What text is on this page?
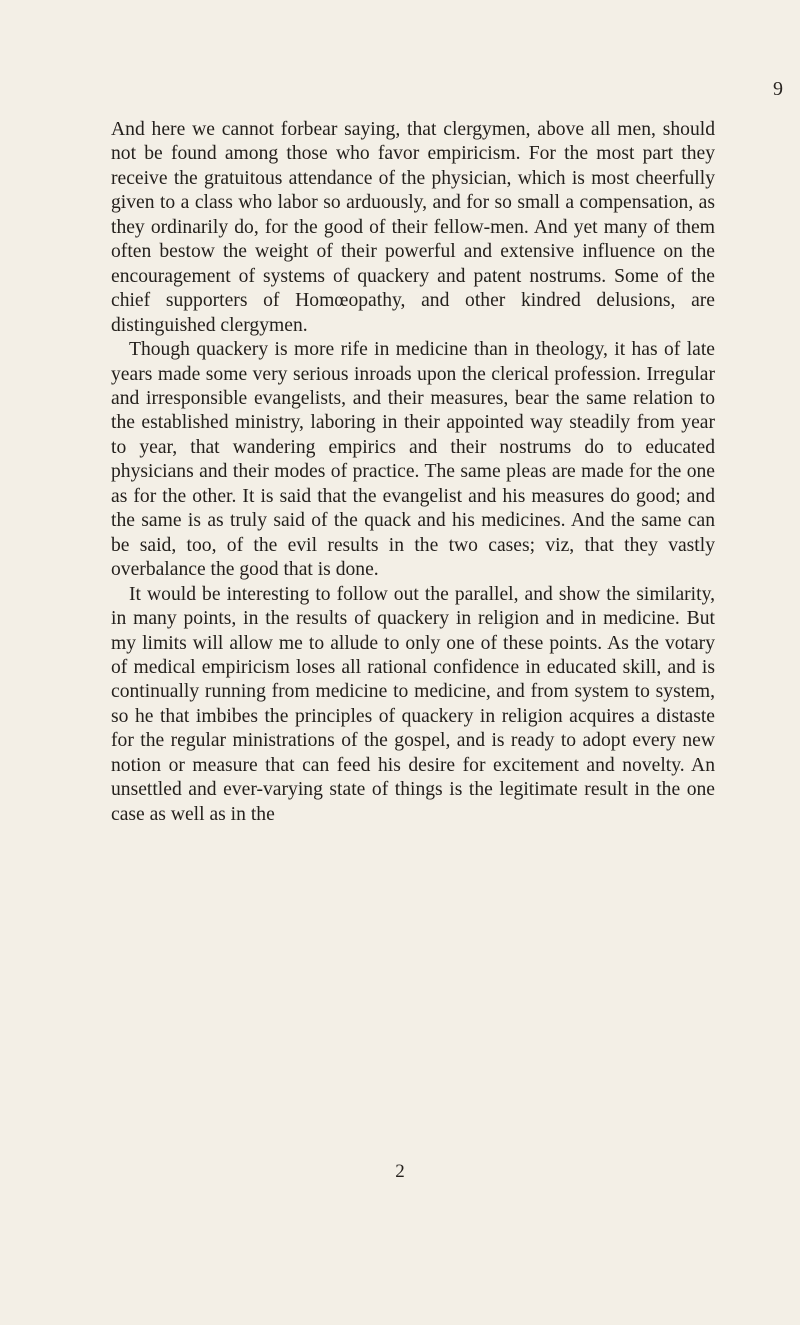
9

And here we cannot forbear saying, that clergymen, above all men, should not be found among those who favor empiricism. For the most part they receive the gratuitous attendance of the physician, which is most cheerfully given to a class who labor so arduously, and for so small a compensation, as they ordinarily do, for the good of their fellow-men. And yet many of them often bestow the weight of their powerful and extensive influence on the encouragement of systems of quackery and patent nostrums. Some of the chief supporters of Homœopathy, and other kindred delusions, are distinguished clergymen.

Though quackery is more rife in medicine than in theology, it has of late years made some very serious inroads upon the clerical profession. Irregular and irresponsible evangelists, and their measures, bear the same relation to the established ministry, laboring in their appointed way steadily from year to year, that wandering empirics and their nostrums do to educated physicians and their modes of practice. The same pleas are made for the one as for the other. It is said that the evangelist and his measures do good; and the same is as truly said of the quack and his medicines. And the same can be said, too, of the evil results in the two cases; viz, that they vastly overbalance the good that is done.

It would be interesting to follow out the parallel, and show the similarity, in many points, in the results of quackery in religion and in medicine. But my limits will allow me to allude to only one of these points. As the votary of medical empiricism loses all rational confidence in educated skill, and is continually running from medicine to medicine, and from system to system, so he that imbibes the principles of quackery in religion acquires a distaste for the regular ministrations of the gospel, and is ready to adopt every new notion or measure that can feed his desire for excitement and novelty. An unsettled and ever-varying state of things is the legitimate result in the one case as well as in the

2
